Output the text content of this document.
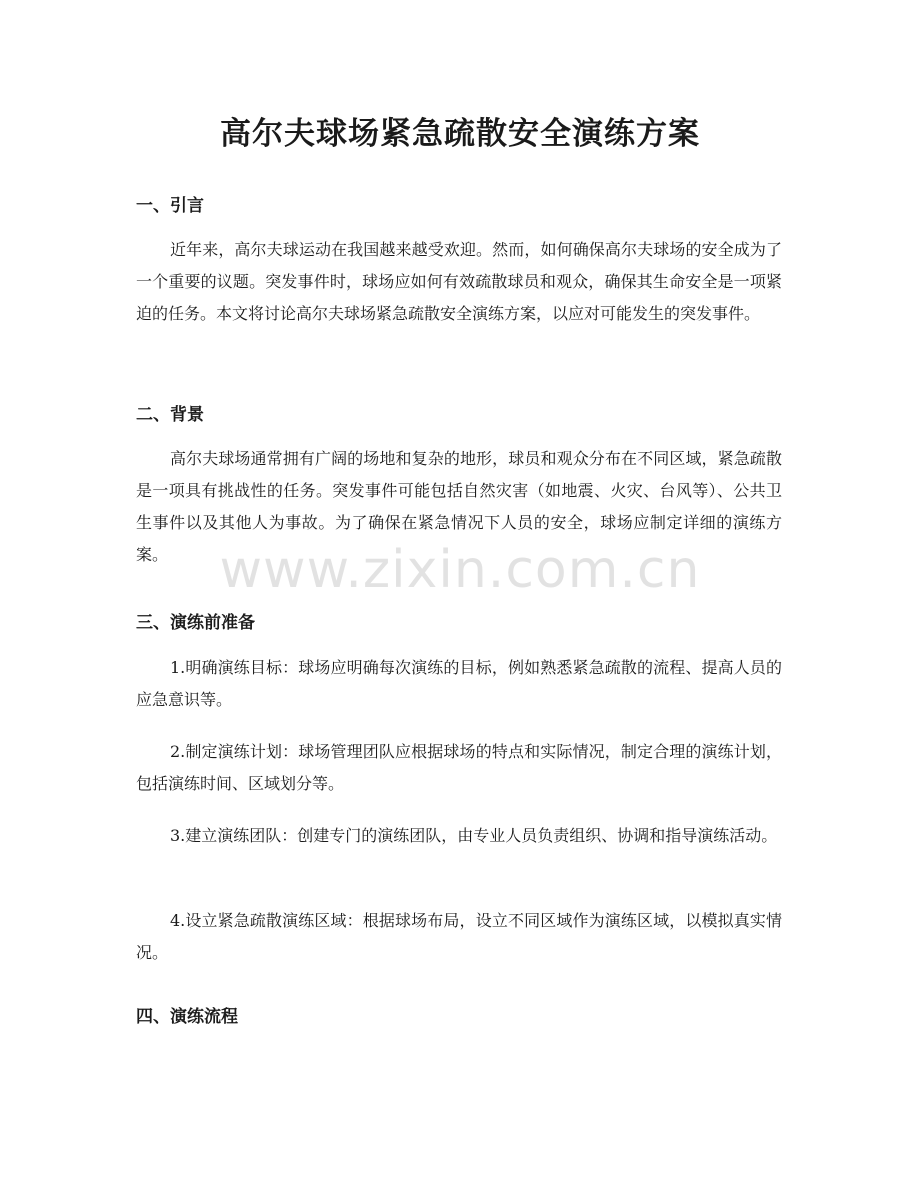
高尔夫球场紧急疏散安全演练方案
一、引言

近年来，高尔夫球运动在我国越来越受欢迎。然而，如何确保高尔夫球场的安全成为了一个重要的议题。突发事件时，球场应如何有效疏散球员和观众，确保其生命安全是一项紧迫的任务。本文将讨论高尔夫球场紧急疏散安全演练方案，以应对可能发生的突发事件。

二、背景

高尔夫球场通常拥有广阔的场地和复杂的地形，球员和观众分布在不同区域，紧急疏散是一项具有挑战性的任务。突发事件可能包括自然灾害（如地震、火灾、台风等）、公共卫生事件以及其他人为事故。为了确保在紧急情况下人员的安全，球场应制定详细的演练方案。

三、演练前准备

1.明确演练目标：球场应明确每次演练的目标，例如熟悉紧急疏散的流程、提高人员的应急意识等。

2.制定演练计划：球场管理团队应根据球场的特点和实际情况，制定合理的演练计划，包括演练时间、区域划分等。

3.建立演练团队：创建专门的演练团队，由专业人员负责组织、协调和指导演练活动。

4.设立紧急疏散演练区域：根据球场布局，设立不同区域作为演练区域，以模拟真实情况。

四、演练流程
www.zixin.com.cn
